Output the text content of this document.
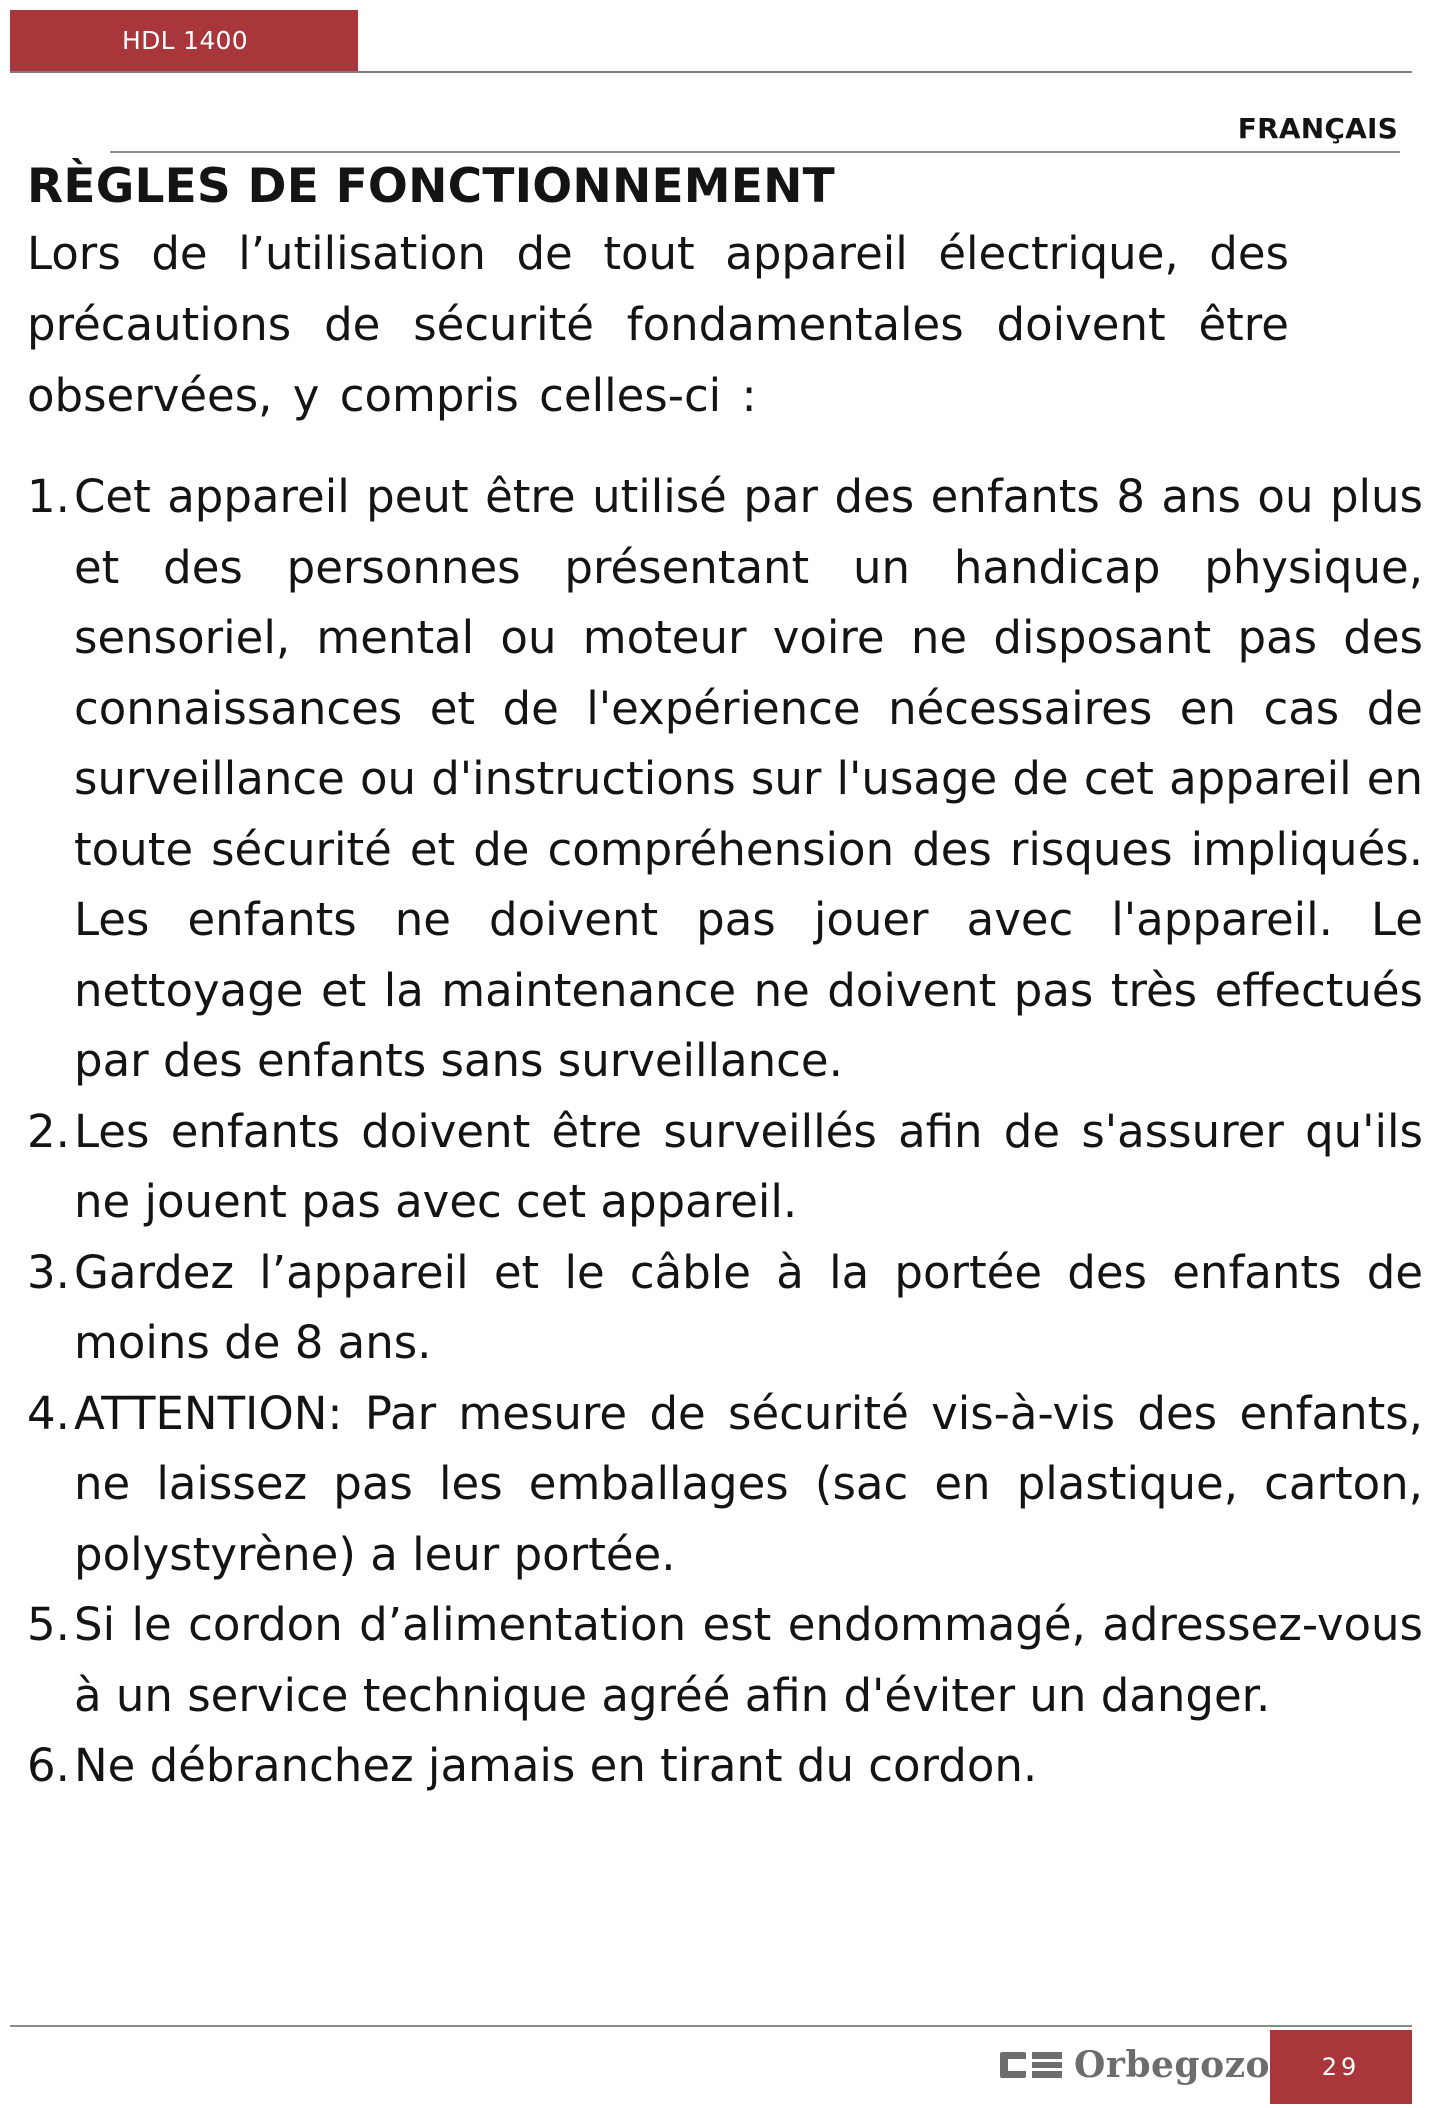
HDL 1400
FRANÇAIS
RÈGLES DE FONCTIONNEMENT

Lors de l’utilisation de tout appareil électrique, des précautions de sécurité fondamentales doivent être observées, y compris celles-ci :

1. Cet appareil peut être utilisé par des enfants 8 ans ou plus et des personnes présentant un handicap physique, sensoriel, mental ou moteur voire ne disposant pas des connaissances et de l'expérience nécessaires en cas de surveillance ou d'instructions sur l'usage de cet appareil en toute sécurité et de compréhension des risques impliqués. Les enfants ne doivent pas jouer avec l'appareil. Le nettoyage et la maintenance ne doivent pas très effectués par des enfants sans surveillance.

2. Les enfants doivent être surveillés afin de s'assurer qu'ils ne jouent pas avec cet appareil.

3. Gardez l’appareil et le câble à la portée des enfants de moins de 8 ans.

4. ATTENTION: Par mesure de sécurité vis-à-vis des enfants, ne laissez pas les emballages (sac en plastique, carton, polystyrène) a leur portée.

5. Si le cordon d’alimentation est endommagé, adressez-vous à un service technique agréé afin d'éviter un danger.

6. Ne débranchez jamais en tirant du cordon.

Orbegozo	29
